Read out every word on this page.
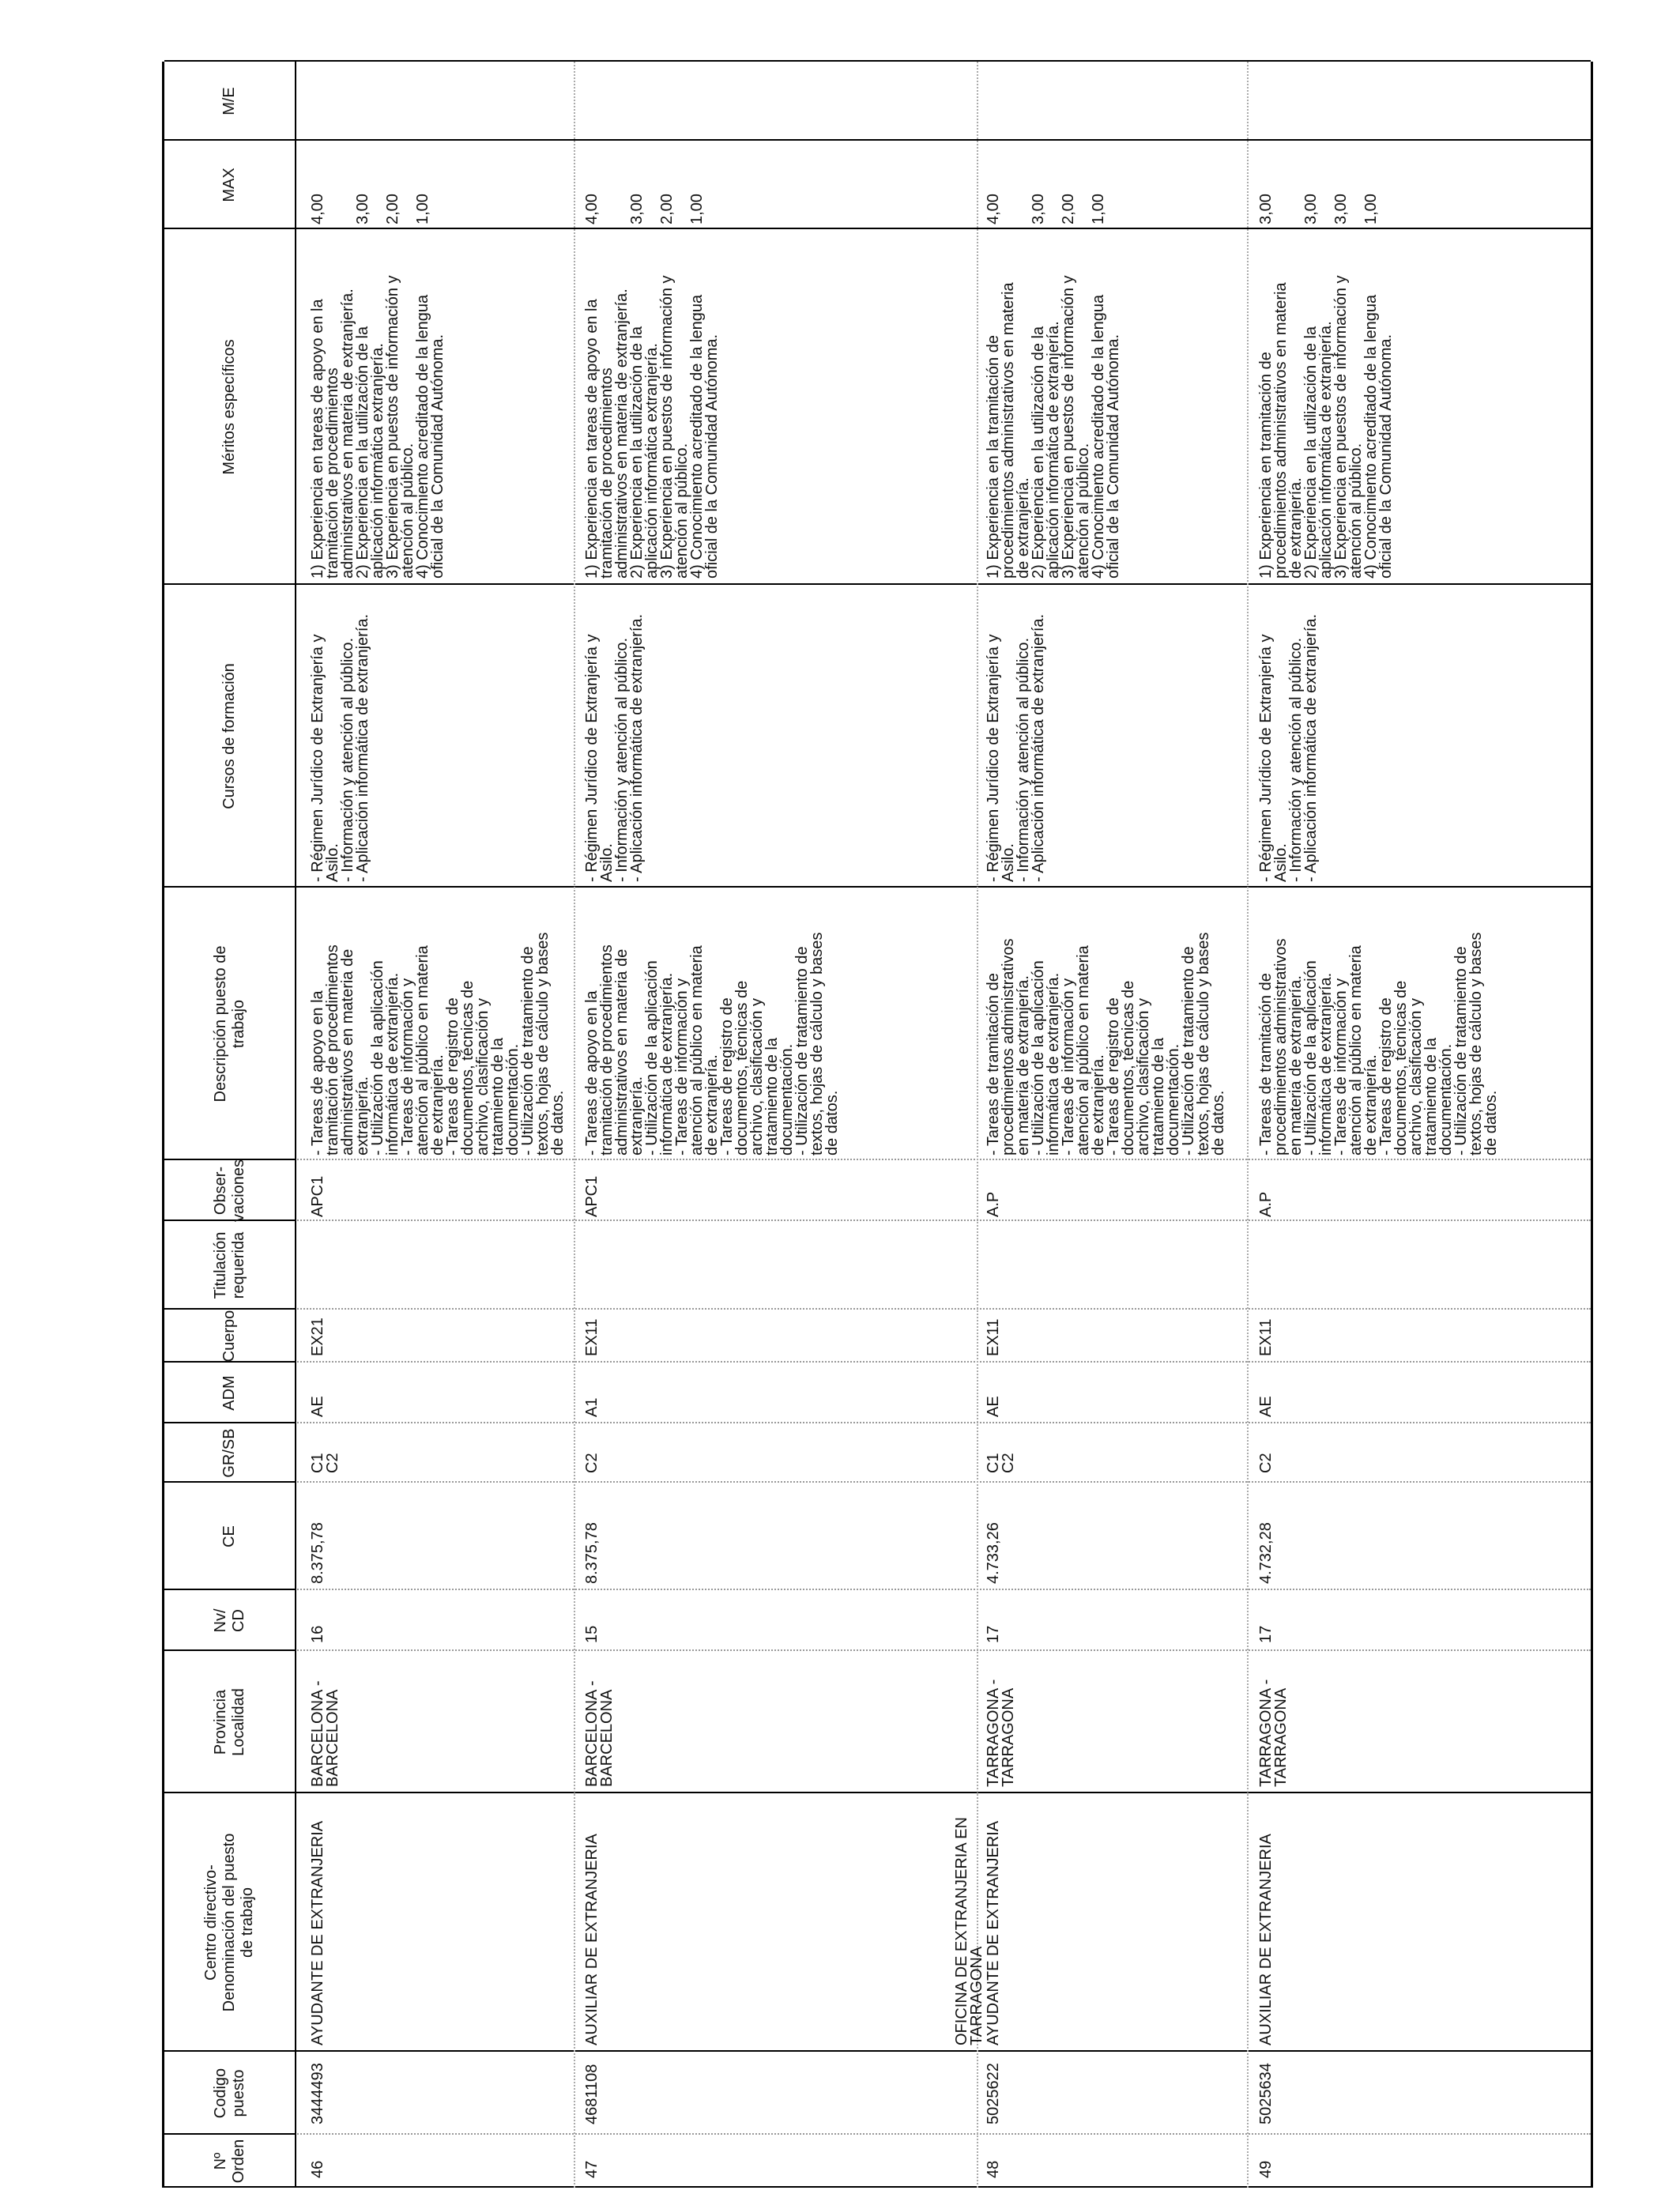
Nº
Orden
Codigo
puesto
Centro directivo-
Denominación del puesto
de trabajo
Provincia
Localidad
Nv/
CD
CE
GR/SB
ADM
Cuerpo
Titulación
requerida
Obser-
vaciones
Descripción puesto de
trabajo
Cursos de formación
Méritos específicos
MAX
M/E
OFICINA DE EXTRANJERIA EN
TARRAGONA
46
3444493
AYUDANTE DE EXTRANJERIA
BARCELONA -
BARCELONA
16
8.375,78
C1
C2
AE
EX21
APC1
- Tareas de apoyo en la
tramitación de procedimientos
administrativos en materia de
extranjería.
- Utilización de la aplicación
informática de extranjería.
- Tareas de información y
atención al público en materia
de extranjería.
- Tareas de registro de
documentos, técnicas de
archivo, clasificación y
tratamiento de la
documentación.
- Utilización de tratamiento de
textos, hojas de cálculo y bases
de datos.
- Régimen Jurídico de Extranjería y
Asilo.
- Información y atención al público.
- Aplicación informática de extranjería.
1) Experiencia en tareas de apoyo en la
tramitación de procedimientos
administrativos en materia de extranjería.
2) Experiencia en la utilización de la
aplicación informática extranjería.
3) Experiencia en puestos de información y
atención al público.
4) Conocimiento acreditado de la lengua
oficial de la Comunidad Autónoma.
4,00 3,00 2,00 1,00
47
4681108
AUXILIAR DE EXTRANJERIA
BARCELONA -
BARCELONA
15
8.375,78
C2
A1
EX11
APC1
- Tareas de apoyo en la
tramitación de procedimientos
administrativos en materia de
extranjería.
- Utilización de la aplicación
informática de extranjería.
- Tareas de información y
atención al público en materia
de extranjería.
- Tareas de registro de
documentos, técnicas de
archivo, clasificación y
tratamiento de la
documentación.
- Utilización de tratamiento de
textos, hojas de cálculo y bases
de datos.
- Régimen Jurídico de Extranjería y
Asilo.
- Información y atención al público.
- Aplicación informática de extranjería.
1) Experiencia en tareas de apoyo en la
tramitación de procedimientos
administrativos en materia de extranjería.
2) Experiencia en la utilización de la
aplicación informática extranjería.
3) Experiencia en puestos de información y
atención al público.
4) Conocimiento acreditado de la lengua
oficial de la Comunidad Autónoma.
4,00 3,00 2,00 1,00
48
5025622
AYUDANTE DE EXTRANJERIA
TARRAGONA -
TARRAGONA
17
4.733,26
C1
C2
AE
EX11
A.P
- Tareas de tramitación de
procedimientos administrativos
en materia de extranjería.
- Utilización de la aplicación
informática de extranjería.
- Tareas de información y
atención al público en materia
de extranjería.
- Tareas de registro de
documentos, técnicas de
archivo, clasificación y
tratamiento de la
documentación.
- Utilización de tratamiento de
textos, hojas de cálculo y bases
de datos.
- Régimen Jurídico de Extranjería y
Asilo.
- Información y atención al público.
- Aplicación informática de extranjería.
1) Experiencia en la tramitación de
procedimientos administrativos en materia
de extranjería.
2) Experiencia en la utilización de la
aplicación informática de extranjería.
3) Experiencia en puestos de información y
atención al público.
4) Conocimiento acreditado de la lengua
oficial de la Comunidad Autónoma.
4,00 3,00 2,00 1,00
49
5025634
AUXILIAR DE EXTRANJERIA
TARRAGONA -
TARRAGONA
17
4.732,28
C2
AE
EX11
A.P
- Tareas de tramitación de
procedimientos administrativos
en materia de extranjería.
- Utilización de la aplicación
informática de extranjería.
- Tareas de información y
atención al público en materia
de extranjería.
- Tareas de registro de
documentos, técnicas de
archivo, clasificación y
tratamiento de la
documentación.
- Utilización de tratamiento de
textos, hojas de cálculo y bases
de datos.
- Régimen Jurídico de Extranjería y
Asilo.
- Información y atención al público.
- Aplicación informática de extranjería.
1) Experiencia en tramitación de
procedimientos administrativos en materia
de extranjería.
2) Experiencia en la utilización de la
aplicación informática de extranjería.
3) Experiencia en puestos de información y
atención al público.
4) Conocimiento acreditado de la lengua
oficial de la Comunidad Autónoma.
3,00 3,00 3,00 1,00
